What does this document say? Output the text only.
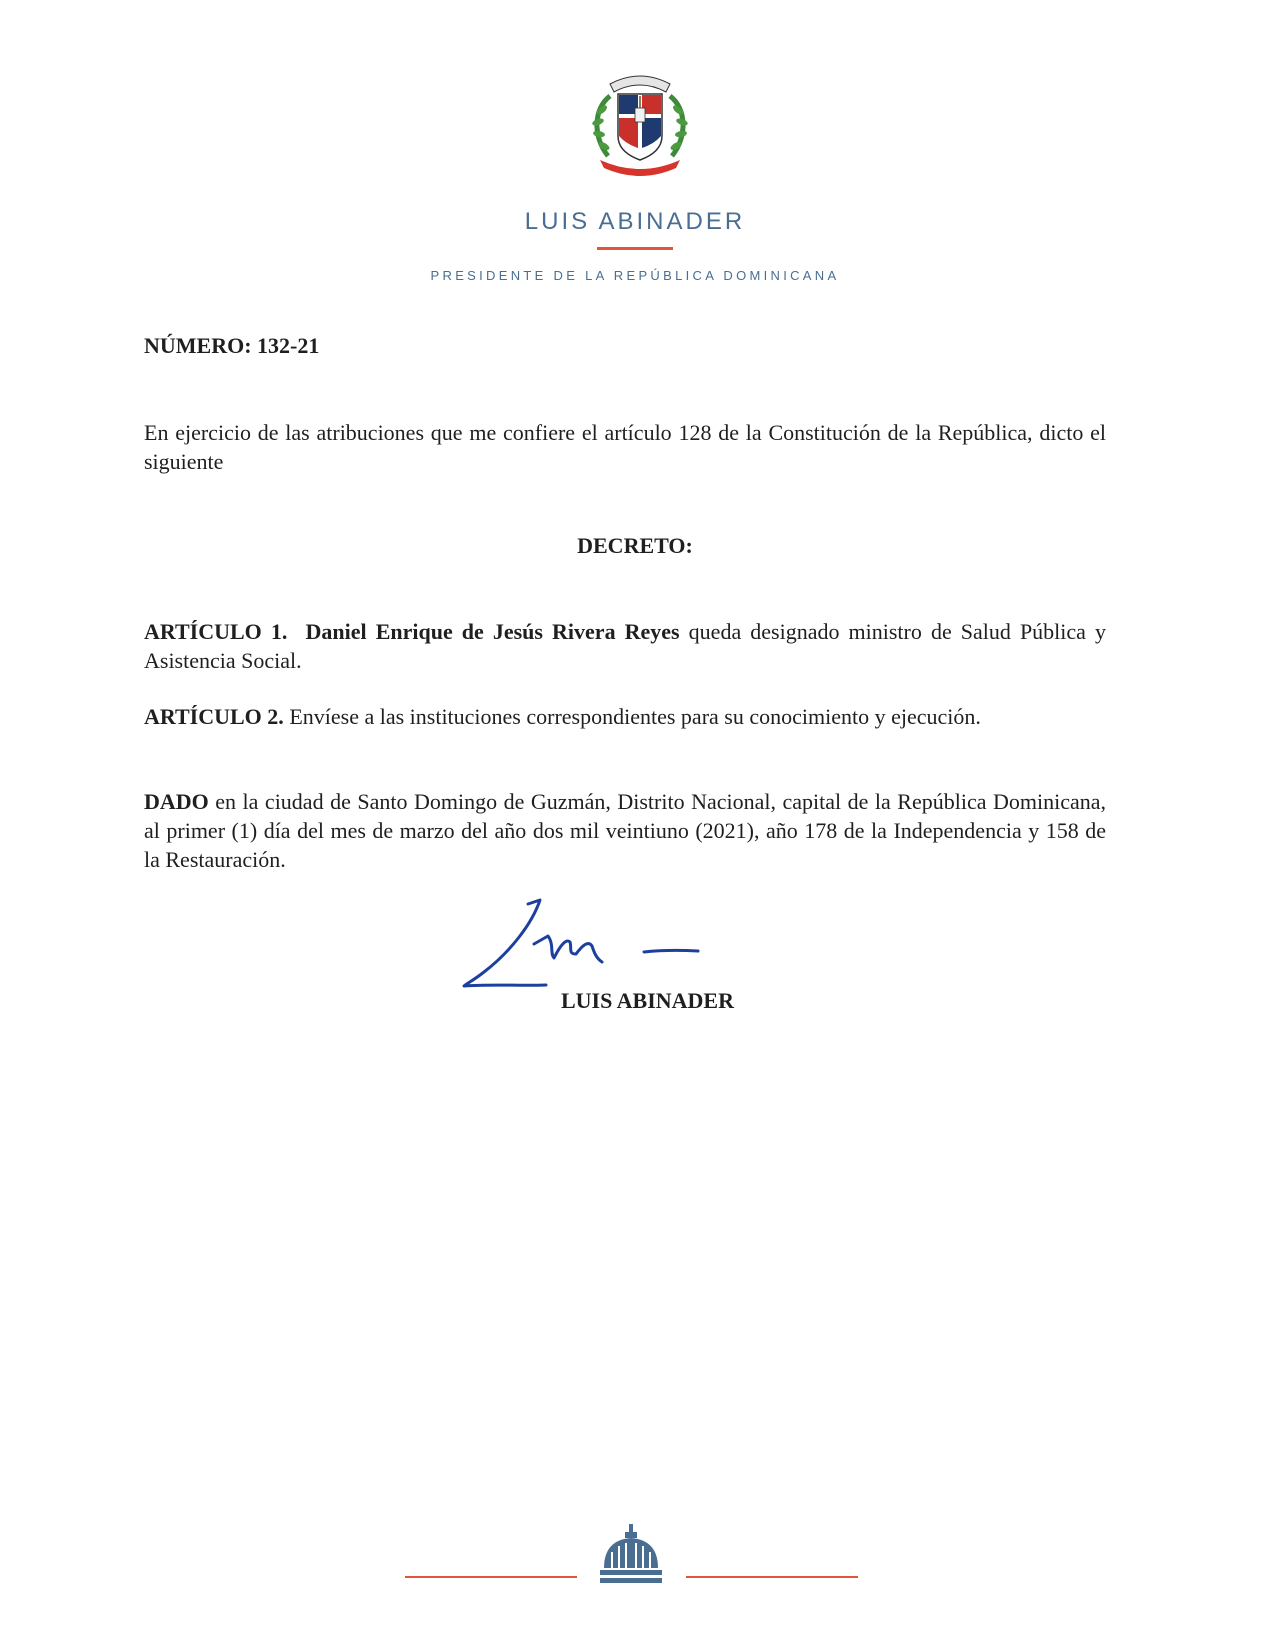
LUIS ABINADER
PRESIDENTE DE LA REPÚBLICA DOMINICANA
NÚMERO: 132-21

En ejercicio de las atribuciones que me confiere el artículo 128 de la Constitución de la República, dicto el siguiente

DECRETO:

ARTÍCULO 1. Daniel Enrique de Jesús Rivera Reyes queda designado ministro de Salud Pública y Asistencia Social.

ARTÍCULO 2. Envíese a las instituciones correspondientes para su conocimiento y ejecución.

DADO en la ciudad de Santo Domingo de Guzmán, Distrito Nacional, capital de la República Dominicana, al primer (1) día del mes de marzo del año dos mil veintiuno (2021), año 178 de la Independencia y 158 de la Restauración.

LUIS ABINADER
